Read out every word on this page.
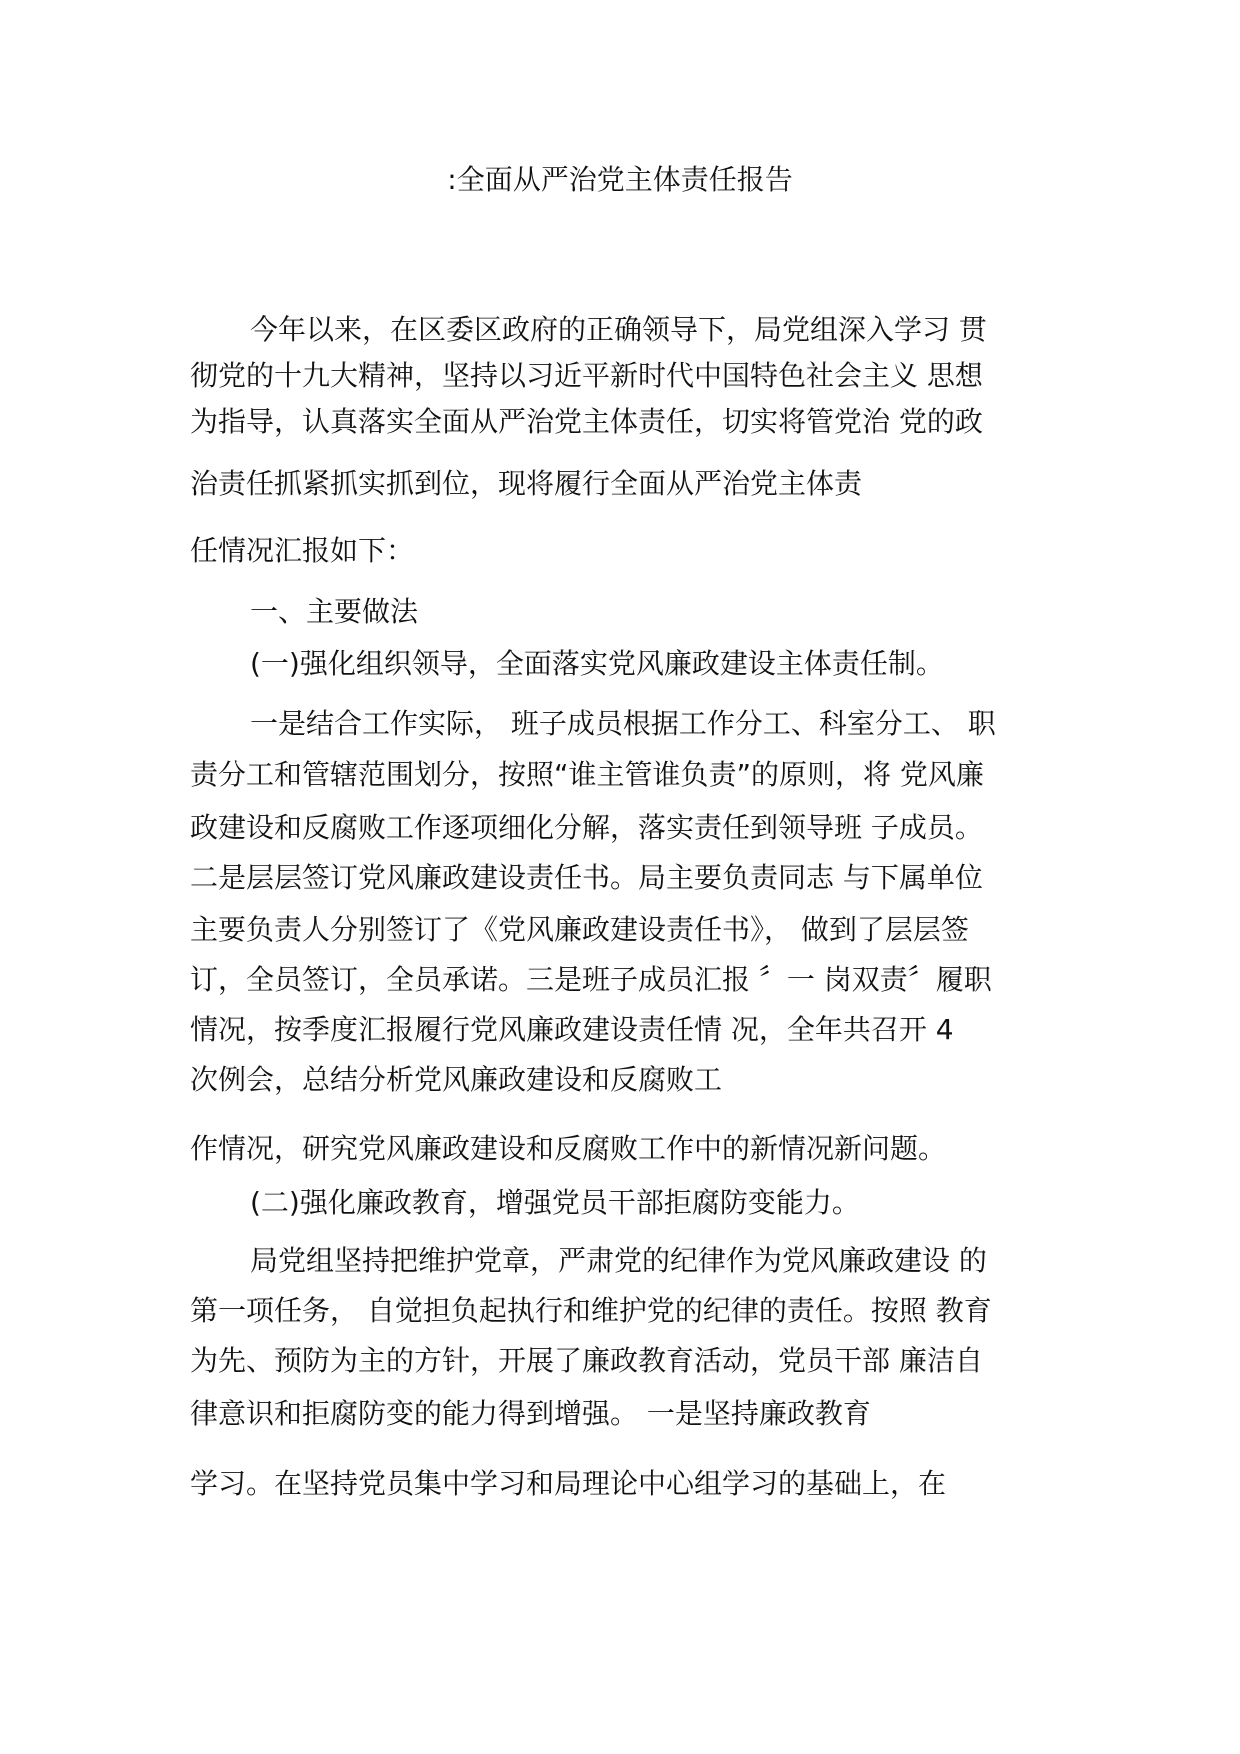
:全面从严治党主体责任报告
今年以来，在区委区政府的正确领导下，局党组深入学习 贯
彻党的十九大精神，坚持以习近平新时代中国特色社会主义 思想
为指导，认真落实全面从严治党主体责任，切实将管党治 党的政
治责任抓紧抓实抓到位，现将履行全面从严治党主体责
任情况汇报如下：
一、主要做法
(一)强化组织领导，全面落实党风廉政建设主体责任制。
一是结合工作实际， 班子成员根据工作分工、科室分工、 职
责分工和管辖范围划分，按照“谁主管谁负责”的原则，将 党风廉
政建设和反腐败工作逐项细化分解，落实责任到领导班 子成员。
二是层层签订党风廉政建设责任书。局主要负责同志 与下属单位
主要负责人分别签订了《党风廉政建设责任书》， 做到了层层签
订，全员签订，全员承诺。三是班子成员汇报 〞一 岗双责〞履职
情况，按季度汇报履行党风廉政建设责任情 况，全年共召开 4
次例会，总结分析党风廉政建设和反腐败工
作情况，研究党风廉政建设和反腐败工作中的新情况新问题。
(二)强化廉政教育，增强党员干部拒腐防变能力。
局党组坚持把维护党章，严肃党的纪律作为党风廉政建设 的
第一项任务， 自觉担负起执行和维护党的纪律的责任。按照 教育
为先、预防为主的方针，开展了廉政教育活动，党员干部 廉洁自
律意识和拒腐防变的能力得到增强。 一是坚持廉政教育
学习。在坚持党员集中学习和局理论中心组学习的基础上，在
